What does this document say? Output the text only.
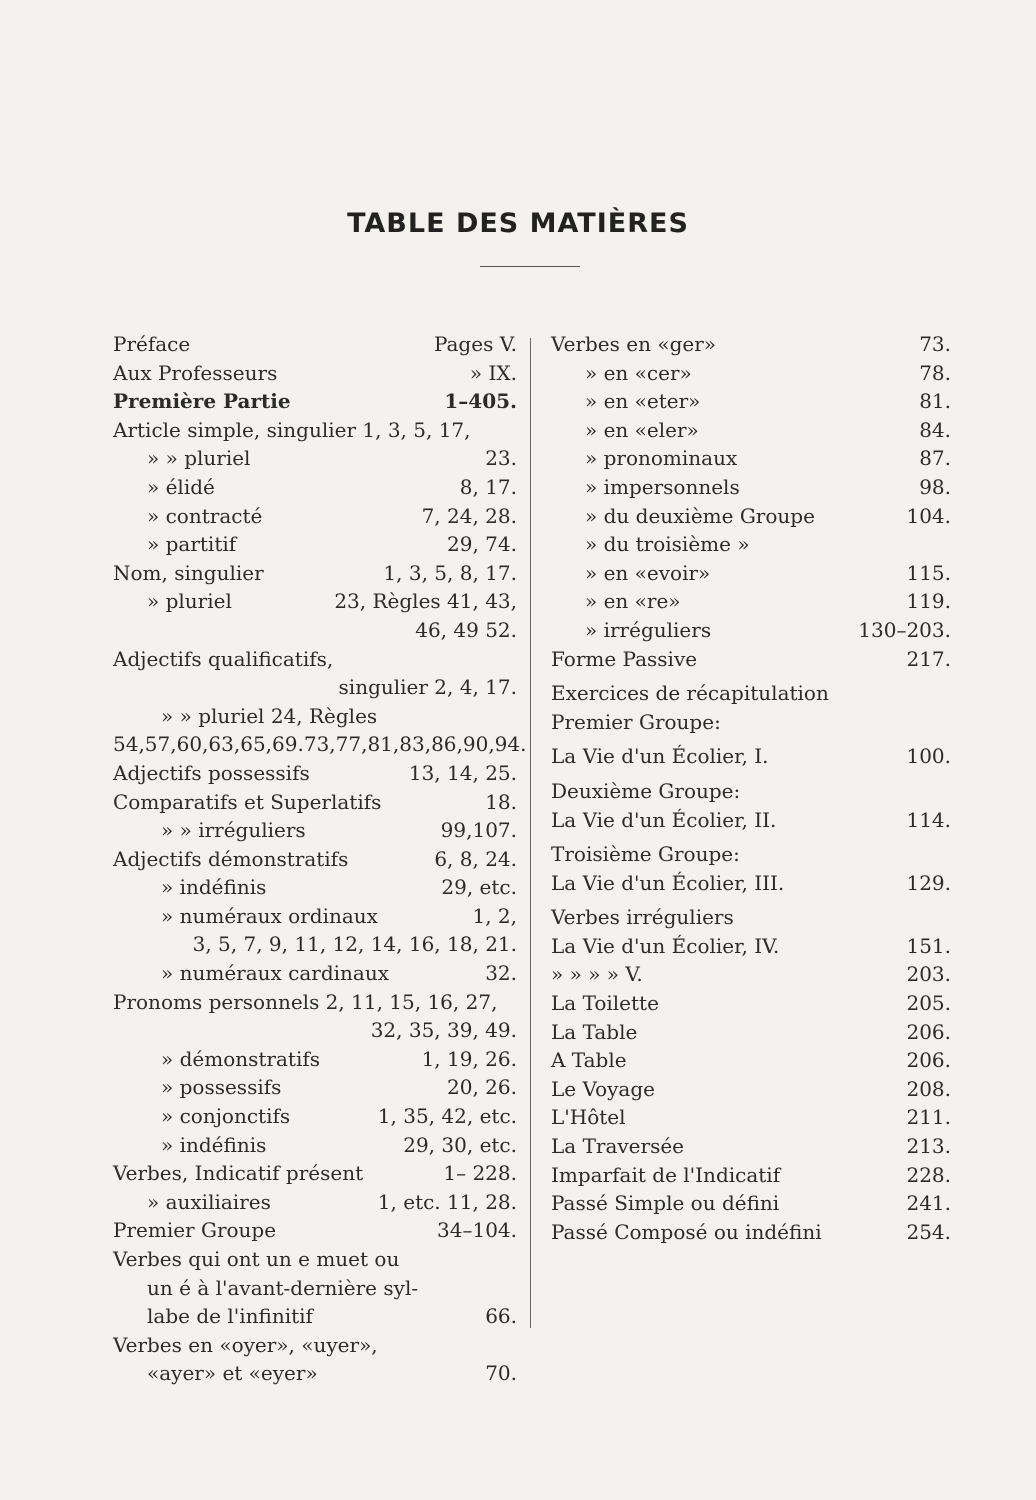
TABLE DES MATIÈRES
Préface	Pages V.
Aux Professeurs	» IX.
Première Partie	1–405.
Article simple, singulier 1, 3, 5, 17,
» » pluriel	23.
» élidé	8, 17.
» contracté	7, 24, 28.
» partitif	29, 74.
Nom, singulier	1, 3, 5, 8, 17.
» pluriel	23, Règles 41, 43,

46, 49 52.
Adjectifs qualificatifs,

singulier 2, 4, 17.
» » pluriel 24, Règles
54,57,60,63,65,69.73,77,81,83,86,90,94.
Adjectifs possessifs	13, 14, 25.
Comparatifs et Superlatifs	18.
» » irréguliers	99,107.
Adjectifs démonstratifs	6, 8, 24.
» indéfinis	29, etc.
» numéraux ordinaux	1, 2,
3, 5, 7, 9, 11, 12, 14, 16, 18, 21.
» numéraux cardinaux	32.
Pronoms personnels 2, 11, 15, 16, 27,

32, 35, 39, 49.
» démonstratifs	1, 19, 26.
» possessifs	20, 26.
» conjonctifs	1, 35, 42, etc.
» indéfinis	29, 30, etc.
Verbes, Indicatif présent	1– 228.
» auxiliaires	1, etc. 11, 28.
Premier Groupe	34–104.
Verbes qui ont un e muet ou
un é à l'avant-dernière syl-
labe de l'infinitif	66.
Verbes en «oyer», «uyer»,
«ayer» et «eyer»	70.
Verbes en «ger»	73.
» en «cer»	78.
» en «eter»	81.
» en «eler»	84.
» pronominaux	87.
» impersonnels	98.
» du deuxième Groupe	104.
» du troisième »
» en «evoir»	115.
» en «re»	119.
» irréguliers	130–203.
Forme Passive	217.
Exercices de récapitulation
Premier Groupe:
La Vie d'un Écolier, I.	100.
Deuxième Groupe:
La Vie d'un Écolier, II.	114.
Troisième Groupe:
La Vie d'un Écolier, III.	129.
Verbes irréguliers
La Vie d'un Écolier, IV.	151.
» » » » V.	203.
La Toilette	205.
La Table	206.
A Table	206.
Le Voyage	208.
L'Hôtel	211.
La Traversée	213.
Imparfait de l'Indicatif	228.
Passé Simple ou défini	241.
Passé Composé ou indéfini	254.
